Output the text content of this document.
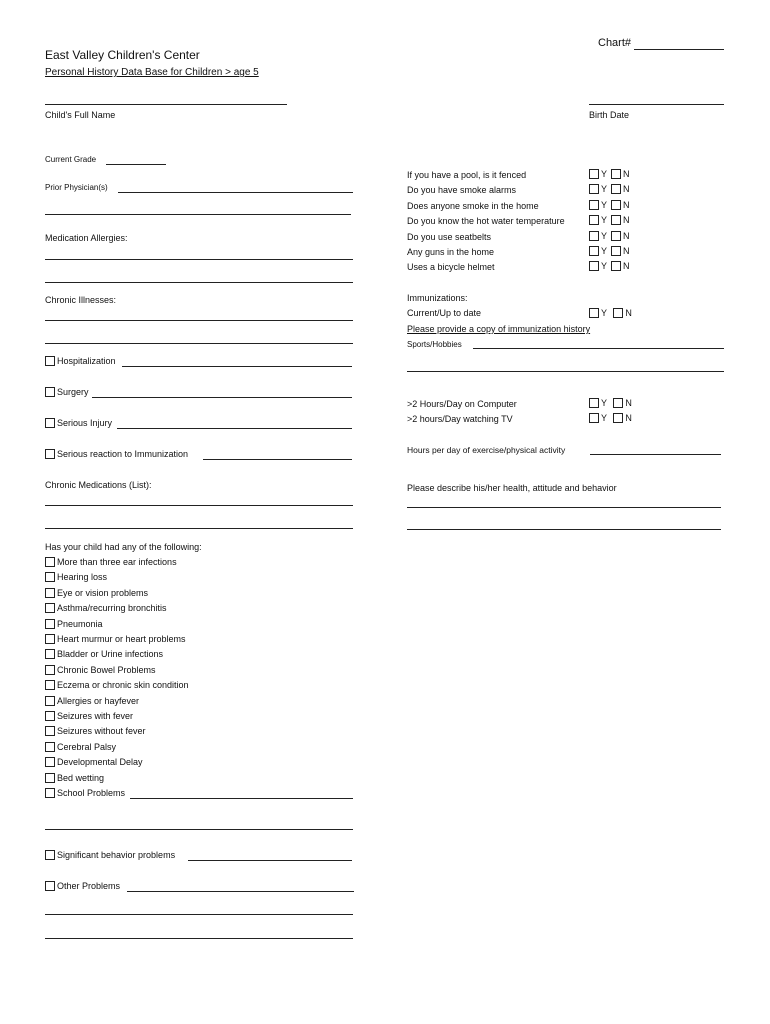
Chart#
East Valley Children's Center
Personal History Data Base for Children > age 5
Child's Full Name	Birth Date
Current Grade
Prior Physician(s)
Medication Allergies:
Chronic Illnesses:
Hospitalization
Surgery
Serious Injury
Serious reaction to Immunization
Chronic Medications (List):
Has your child had any of the following:
More than three ear infections
Hearing loss
Eye or vision problems
Asthma/recurring bronchitis
Pneumonia
Heart murmur or heart problems
Bladder or Urine infections
Chronic Bowel Problems
Eczema or chronic skin condition
Allergies or hayfever
Seizures with fever
Seizures without fever
Cerebral Palsy
Developmental Delay
Bed wetting
School Problems
Significant behavior problems
Other Problems
If you have a pool, is it fenced	Y N
Do you have smoke alarms	Y N
Does anyone smoke in the home	Y N
Do you know the hot water temperature	Y N
Do you use seatbelts	Y N
Any guns in the home	Y N
Uses a bicycle helmet	Y N
Immunizations:
Current/Up to date	Y N
Please provide a copy of immunization history
Sports/Hobbies
>2 Hours/Day on Computer	Y N
>2 hours/Day watching TV	Y N
Hours per day of exercise/physical activity
Please describe his/her health, attitude and behavior
